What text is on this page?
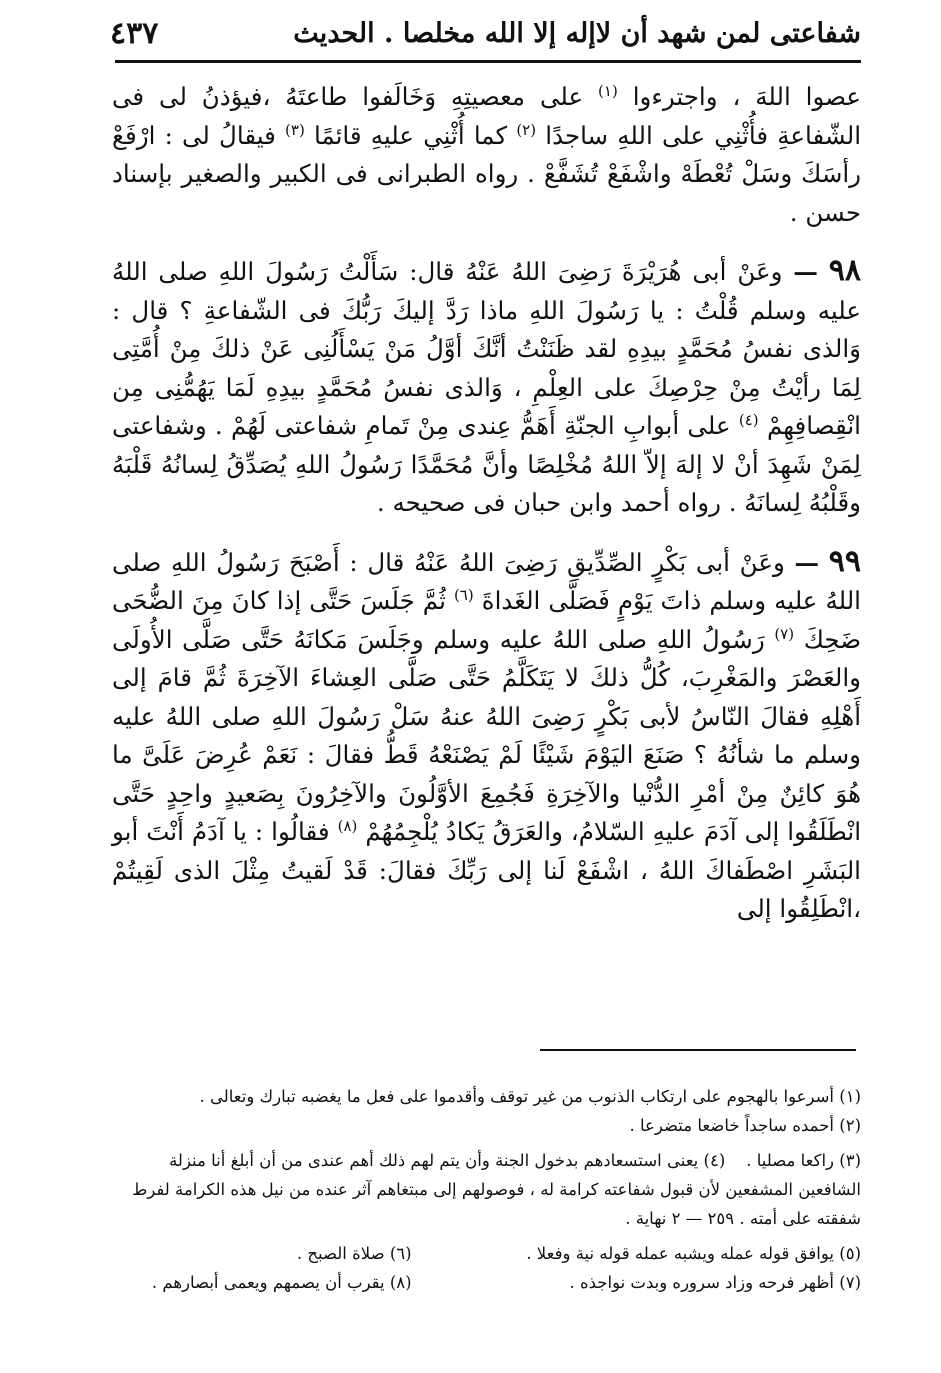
شفاعتى لمن شهد أن لاإله إلا الله مخلصا . الحديث
٤٣٧

عصوا اللهَ ، واجترءوا $^{(١)}$ على معصيتِهِ وَخَالَفوا طاعتَهُ ،فيؤذنُ لى فى الشّفاعةِ فأُثْنِي على اللهِ ساجدًا $^{(٢)}$ كما أُثْنِي عليهِ قائمًا $^{(٣)}$ فيقالُ لى : ارْفَعْ رأسَكَ وسَلْ تُعْطَهْ واشْفَعْ تُشَفَّعْ . رواه الطبرانى فى الكبير والصغير بإسناد حسن .

٩٨ — وعَنْ أبى هُرَيْرَةَ رَضِىَ اللهُ عَنْهُ قال: سَأَلْتُ رَسُولَ اللهِ صلى اللهُ عليه وسلم قُلْتُ : يا رَسُولَ اللهِ ماذا رَدَّ إليكَ رَبُّكَ فى الشّفاعةِ ؟ قال : وَالذى نفسُ مُحَمَّدٍ بيدِهِ لقد ظَنَنْتُ أنَّكَ أوَّلُ مَنْ يَسْأَلُنِى عَنْ ذلكَ مِنْ أُمَّتِى لِمَا رأيْتُ مِنْ حِرْصِكَ على العِلْمِ ، وَالذى نفسُ مُحَمَّدٍ بيدِهِ لَمَا يَهُمُّنِى مِن انْقِصافِهِمْ $^{(٤)}$ على أبوابِ الجنّةِ أَهَمُّ عِندى مِنْ تَمامِ شفاعتى لَهُمْ . وشفاعتى لِمَنْ شَهِدَ أنْ لا إلهَ إلاّ اللهُ مُخْلِصًا وأنَّ مُحَمَّدًا رَسُولُ اللهِ يُصَدِّقُ لِسانُهُ قَلْبَهُ وقَلْبُهُ لِسانَهُ . رواه أحمد وابن حبان فى صحيحه .

٩٩ — وعَنْ أبى بَكْرٍ الصِّدِّيقِ رَضِىَ اللهُ عَنْهُ قال : أَصْبَحَ رَسُولُ اللهِ صلى اللهُ عليه وسلم ذاتَ يَوْمٍ فَصَلَّى الغَداةَ $^{(٦)}$ ثُمَّ جَلَسَ حَتَّى إذا كانَ مِنَ الضُّحَى ضَحِكَ $^{(٧)}$ رَسُولُ اللهِ صلى اللهُ عليه وسلم وجَلَسَ مَكانَهُ حَتَّى صَلَّى الأُولَى والعَصْرَ والمَغْرِبَ، كُلُّ ذلكَ لا يَتَكَلَّمُ حَتَّى صَلَّى العِشاءَ الآخِرَةَ ثُمَّ قامَ إلى أَهْلِهِ فقالَ النّاسُ لأبى بَكْرٍ رَضِىَ اللهُ عنهُ سَلْ رَسُولَ اللهِ صلى اللهُ عليه وسلم ما شأنُهُ ؟ صَنَعَ اليَوْمَ شَيْئًا لَمْ يَصْنَعْهُ قَطُّ فقالَ : نَعَمْ عُرِضَ عَلَىَّ ما هُوَ كائِنٌ مِنْ أمْرِ الدُّنْيا والآخِرَةِ فَجُمِعَ الأوَّلُونَ والآخِرُونَ بِصَعيدٍ واحِدٍ حَتَّى انْطَلَقُوا إلى آدَمَ عليهِ السّلامُ، والعَرَقُ يَكادُ يُلْجِمُهُمْ $^{(٨)}$ فقالُوا : يا آدَمُ أَنْتَ أبو البَشَرِ اصْطَفاكَ اللهُ ، اشْفَعْ لَنا إلى رَبِّكَ فقالَ: قَدْ لَقيتُ مِثْلَ الذى لَقِيتُمْ ،انْطَلِقُوا إلى

(١) أسرعوا بالهجوم على ارتكاب الذنوب من غير توقف وأقدموا على فعل ما يغضبه تبارك وتعالى .

(٢) أحمده ساجداً خاضعا متضرعا .

(٣) راكعا مصليا .    (٤) يعنى استسعادهم بدخول الجنة وأن يتم لهم ذلك أهم عندى من أن أبلغ أنا منزلة الشافعين المشفعين لأن قبول شفاعته كرامة له ، فوصولهم إلى مبتغاهم آثر عنده من نيل هذه الكرامة لفرط شفقته على أمته . ٢٥٩ — ٢ نهاية .

(٥) يوافق قوله عمله ويشبه عمله قوله نية وفعلا .

(٦) صلاة الصبح .

(٧) أظهر فرحه وزاد سروره وبدت نواجذه .

(٨) يقرب أن يصمهم ويعمى أبصارهم .
